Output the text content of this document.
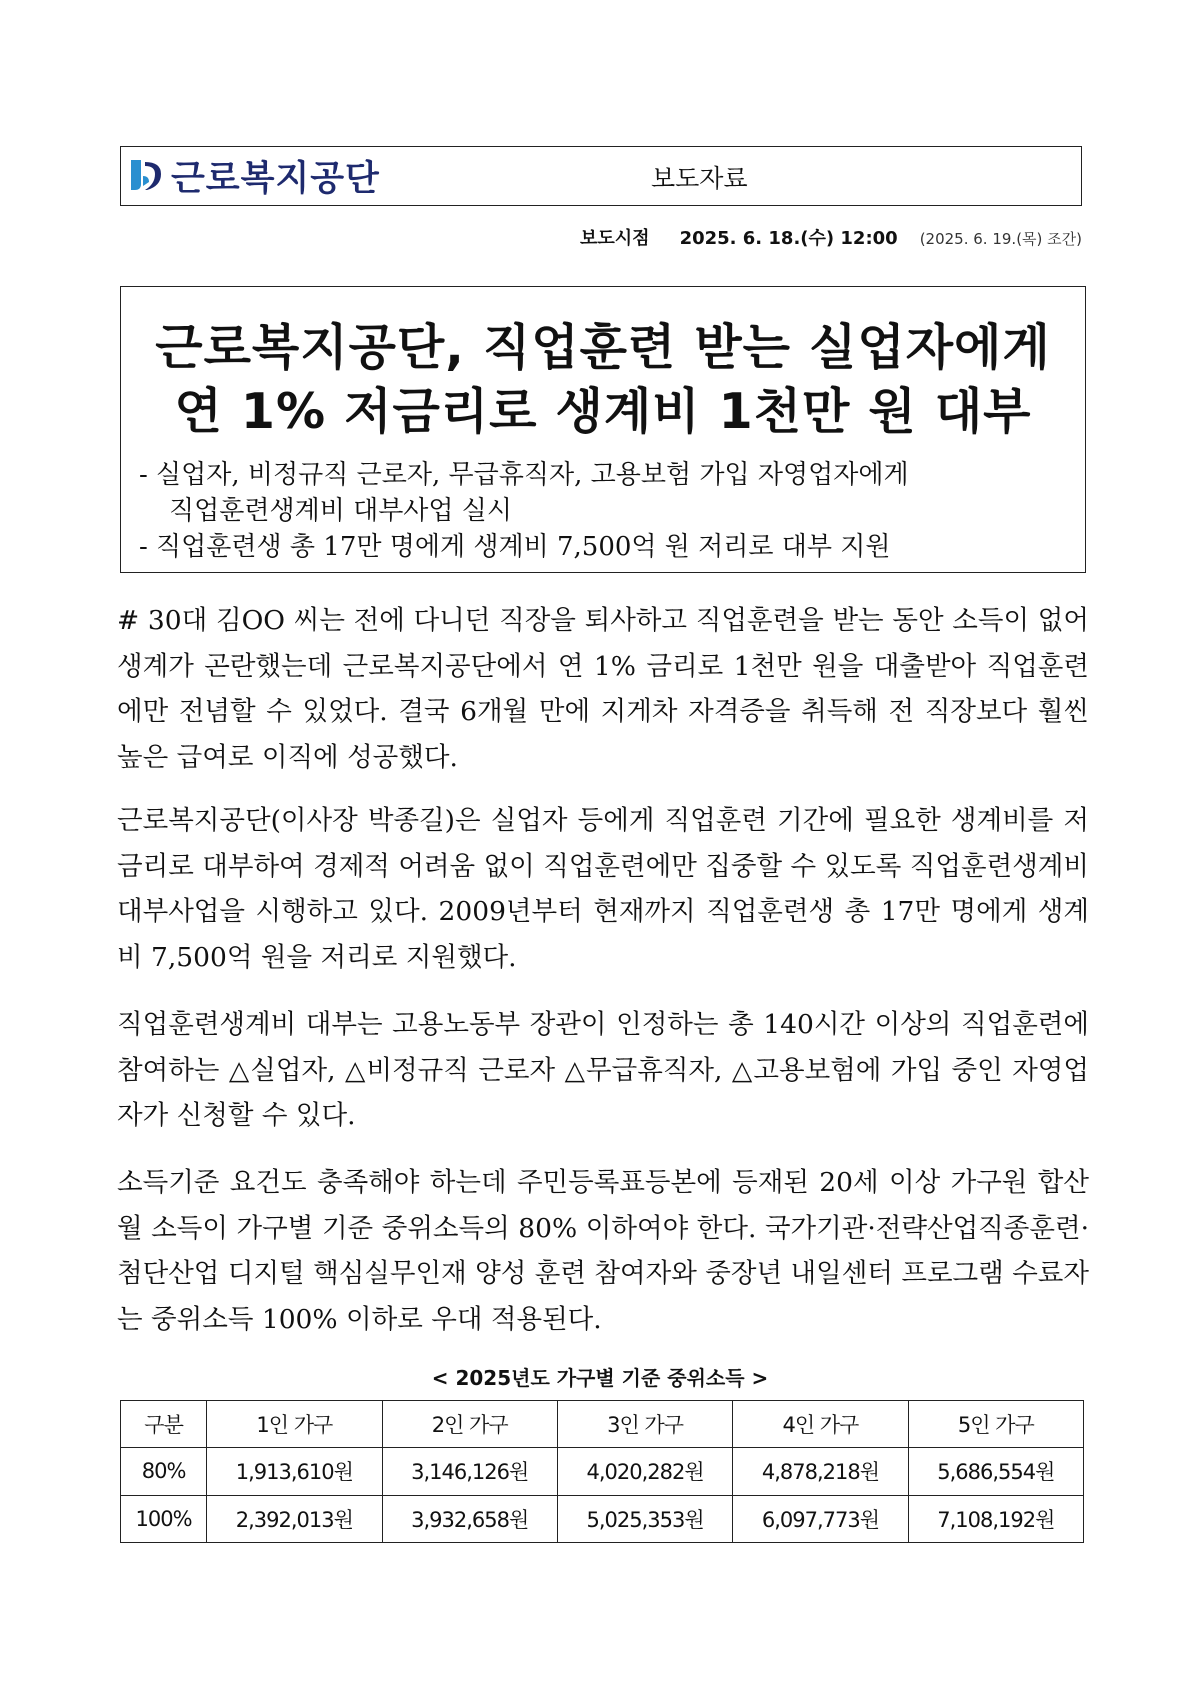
근로복지공단	보도자료
보도시점 2025. 6. 18.(수) 12:00 (2025. 6. 19.(목) 조간)
근로복지공단, 직업훈련 받는 실업자에게
연 1% 저금리로 생계비 1천만 원 대부
- 실업자, 비정규직 근로자, 무급휴직자, 고용보험 가입 자영업자에게
직업훈련생계비 대부사업 실시
- 직업훈련생 총 17만 명에게 생계비 7,500억 원 저리로 대부 지원

# 30대 김OO 씨는 전에 다니던 직장을 퇴사하고 직업훈련을 받는 동안 소득이 없어 생계가 곤란했는데 근로복지공단에서 연 1% 금리로 1천만 원을 대출받아 직업훈련에만 전념할 수 있었다. 결국 6개월 만에 지게차 자격증을 취득해 전 직장보다 훨씬 높은 급여로 이직에 성공했다.

근로복지공단(이사장 박종길)은 실업자 등에게 직업훈련 기간에 필요한 생계비를 저금리로 대부하여 경제적 어려움 없이 직업훈련에만 집중할 수 있도록 직업훈련생계비 대부사업을 시행하고 있다. 2009년부터 현재까지 직업훈련생 총 17만 명에게 생계비 7,500억 원을 저리로 지원했다.

직업훈련생계비 대부는 고용노동부 장관이 인정하는 총 140시간 이상의 직업훈련에 참여하는 △실업자, △비정규직 근로자 △무급휴직자, △고용보험에 가입 중인 자영업자가 신청할 수 있다.

소득기준 요건도 충족해야 하는데 주민등록표등본에 등재된 20세 이상 가구원 합산 월 소득이 가구별 기준 중위소득의 80% 이하여야 한다. 국가기관·전략산업직종훈련·첨단산업 디지털 핵심실무인재 양성 훈련 참여자와 중장년 내일센터 프로그램 수료자는 중위소득 100% 이하로 우대 적용된다.

< 2025년도 가구별 기준 중위소득 >
구분	1인 가구	2인 가구	3인 가구	4인 가구	5인 가구
80%	1,913,610원	3,146,126원	4,020,282원	4,878,218원	5,686,554원
100%	2,392,013원	3,932,658원	5,025,353원	6,097,773원	7,108,192원
